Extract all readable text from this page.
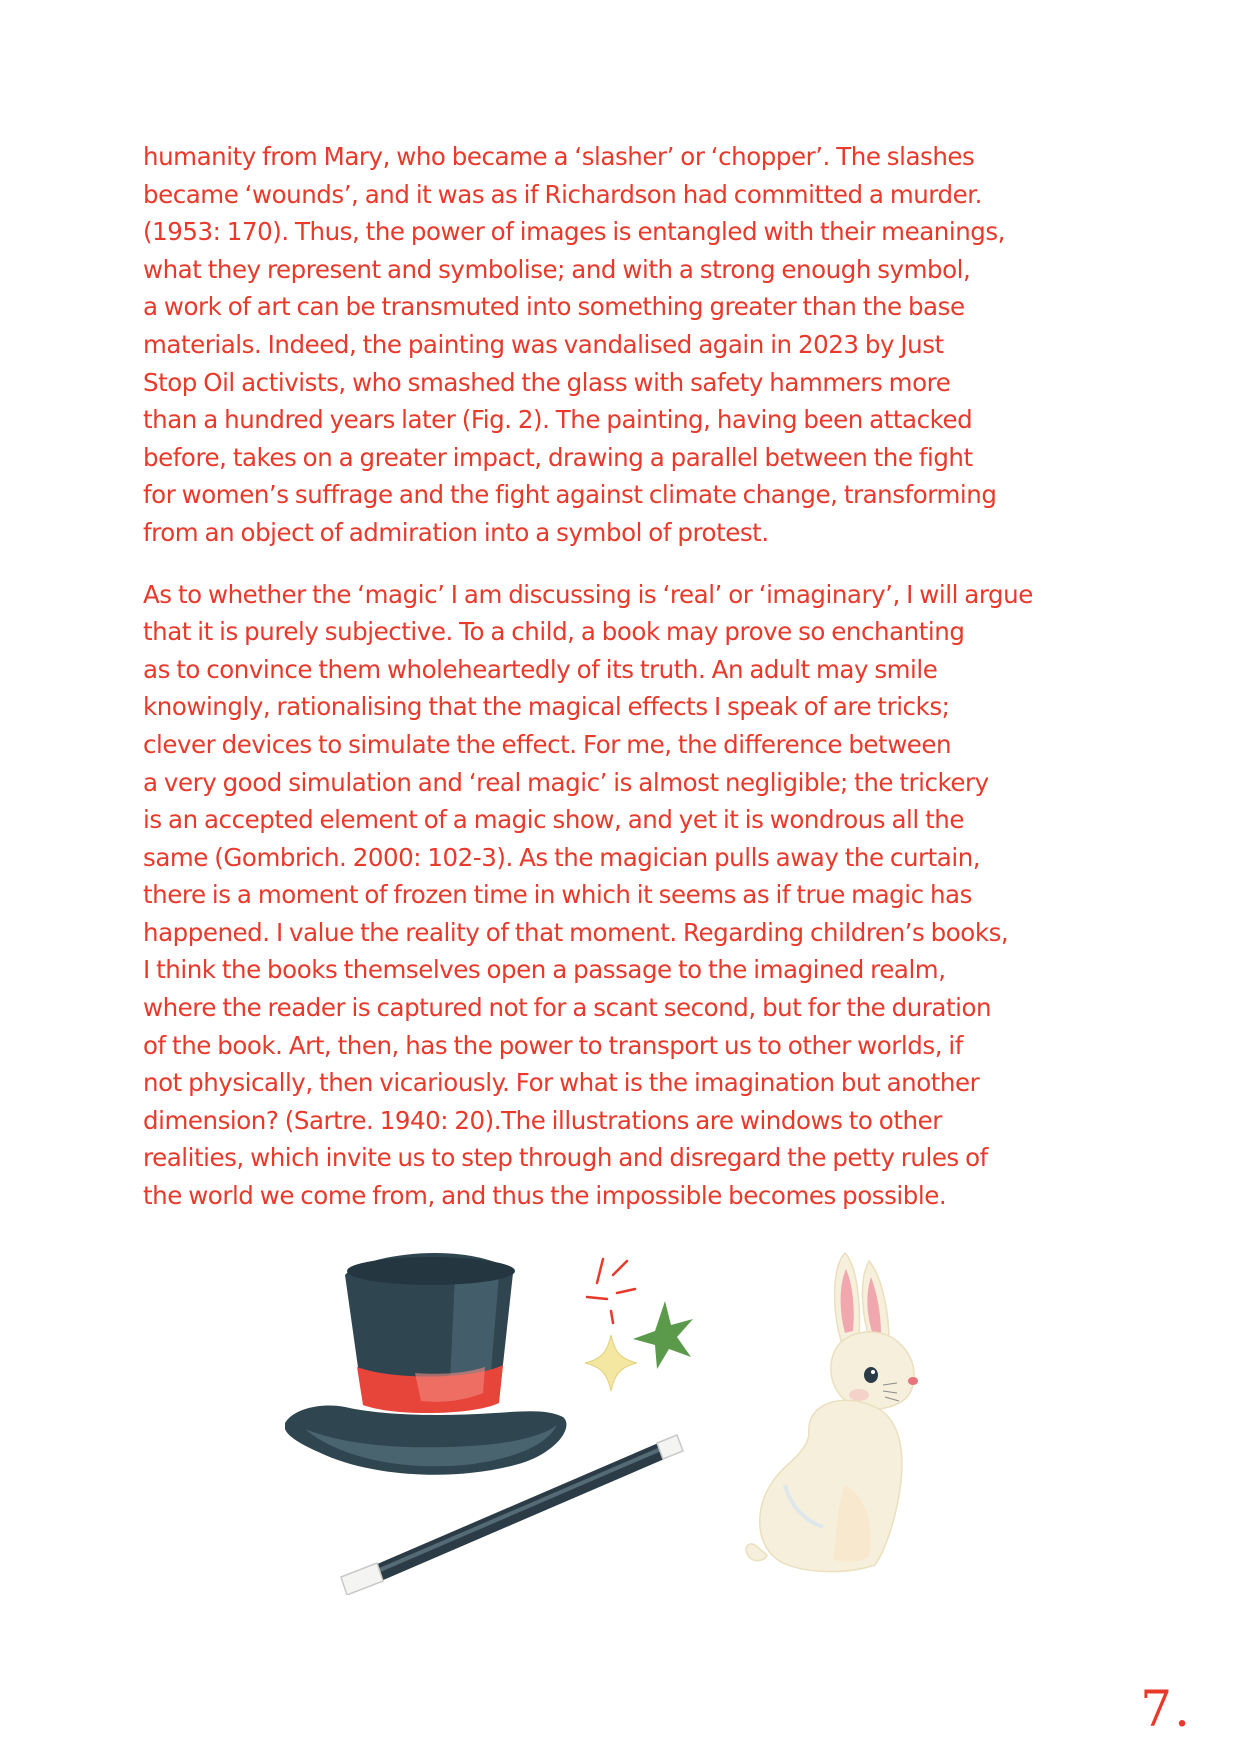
humanity from Mary, who became a ‘slasher’ or ‘chopper’. The slashes
became ‘wounds’, and it was as if Richardson had committed a murder.
(1953: 170). Thus, the power of images is entangled with their meanings,
what they represent and symbolise; and with a strong enough symbol,
a work of art can be transmuted into something greater than the base
materials. Indeed, the painting was vandalised again in 2023 by Just
Stop Oil activists, who smashed the glass with safety hammers more
than a hundred years later (Fig. 2). The painting, having been attacked
before, takes on a greater impact, drawing a parallel between the fight
for women’s suffrage and the fight against climate change, transforming
from an object of admiration into a symbol of protest.

As to whether the ‘magic’ I am discussing is ‘real’ or ‘imaginary’, I will argue
that it is purely subjective. To a child, a book may prove so enchanting
as to convince them wholeheartedly of its truth. An adult may smile
knowingly, rationalising that the magical effects I speak of are tricks;
clever devices to simulate the effect. For me, the difference between
a very good simulation and ‘real magic’ is almost negligible; the trickery
is an accepted element of a magic show, and yet it is wondrous all the
same (Gombrich. 2000: 102-3). As the magician pulls away the curtain,
there is a moment of frozen time in which it seems as if true magic has
happened. I value the reality of that moment. Regarding children’s books,
I think the books themselves open a passage to the imagined realm,
where the reader is captured not for a scant second, but for the duration
of the book. Art, then, has the power to transport us to other worlds, if
not physically, then vicariously. For what is the imagination but another
dimension? (Sartre. 1940: 20).The illustrations are windows to other
realities, which invite us to step through and disregard the petty rules of
the world we come from, and thus the impossible becomes possible.

7.
